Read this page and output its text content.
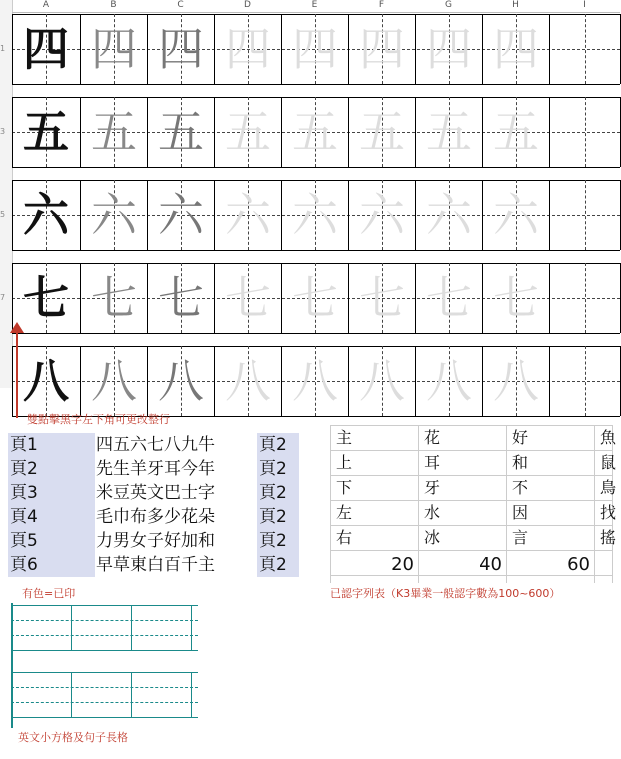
A	B	C	D	E	F	G	H	I
1 四 四 四 四 四 四 四 四
3 五 五 五 五 五 五 五 五
5 六 六 六 六 六 六 六 六
7 七 七 七 七 七 七 七 七
八 八 八 八 八 八 八 八
雙點擊黑字左下角可更改整行
有色=已印	已認字列表（K3畢業一般認字數為100~600）
英文小方格及句子長格
頁1	四五六七八九牛	頁2
頁2	先生羊牙耳今年	頁2
頁3	米豆英文巴士字	頁2
頁4	毛巾布多少花朵	頁2
頁5	力男女子好加和	頁2
頁6	早草東白百千主	頁2
主	花	好	魚
上	耳	和	鼠
下	牙	不	鳥
左	水	因	找
右	冰	言	搖
20	40	60
